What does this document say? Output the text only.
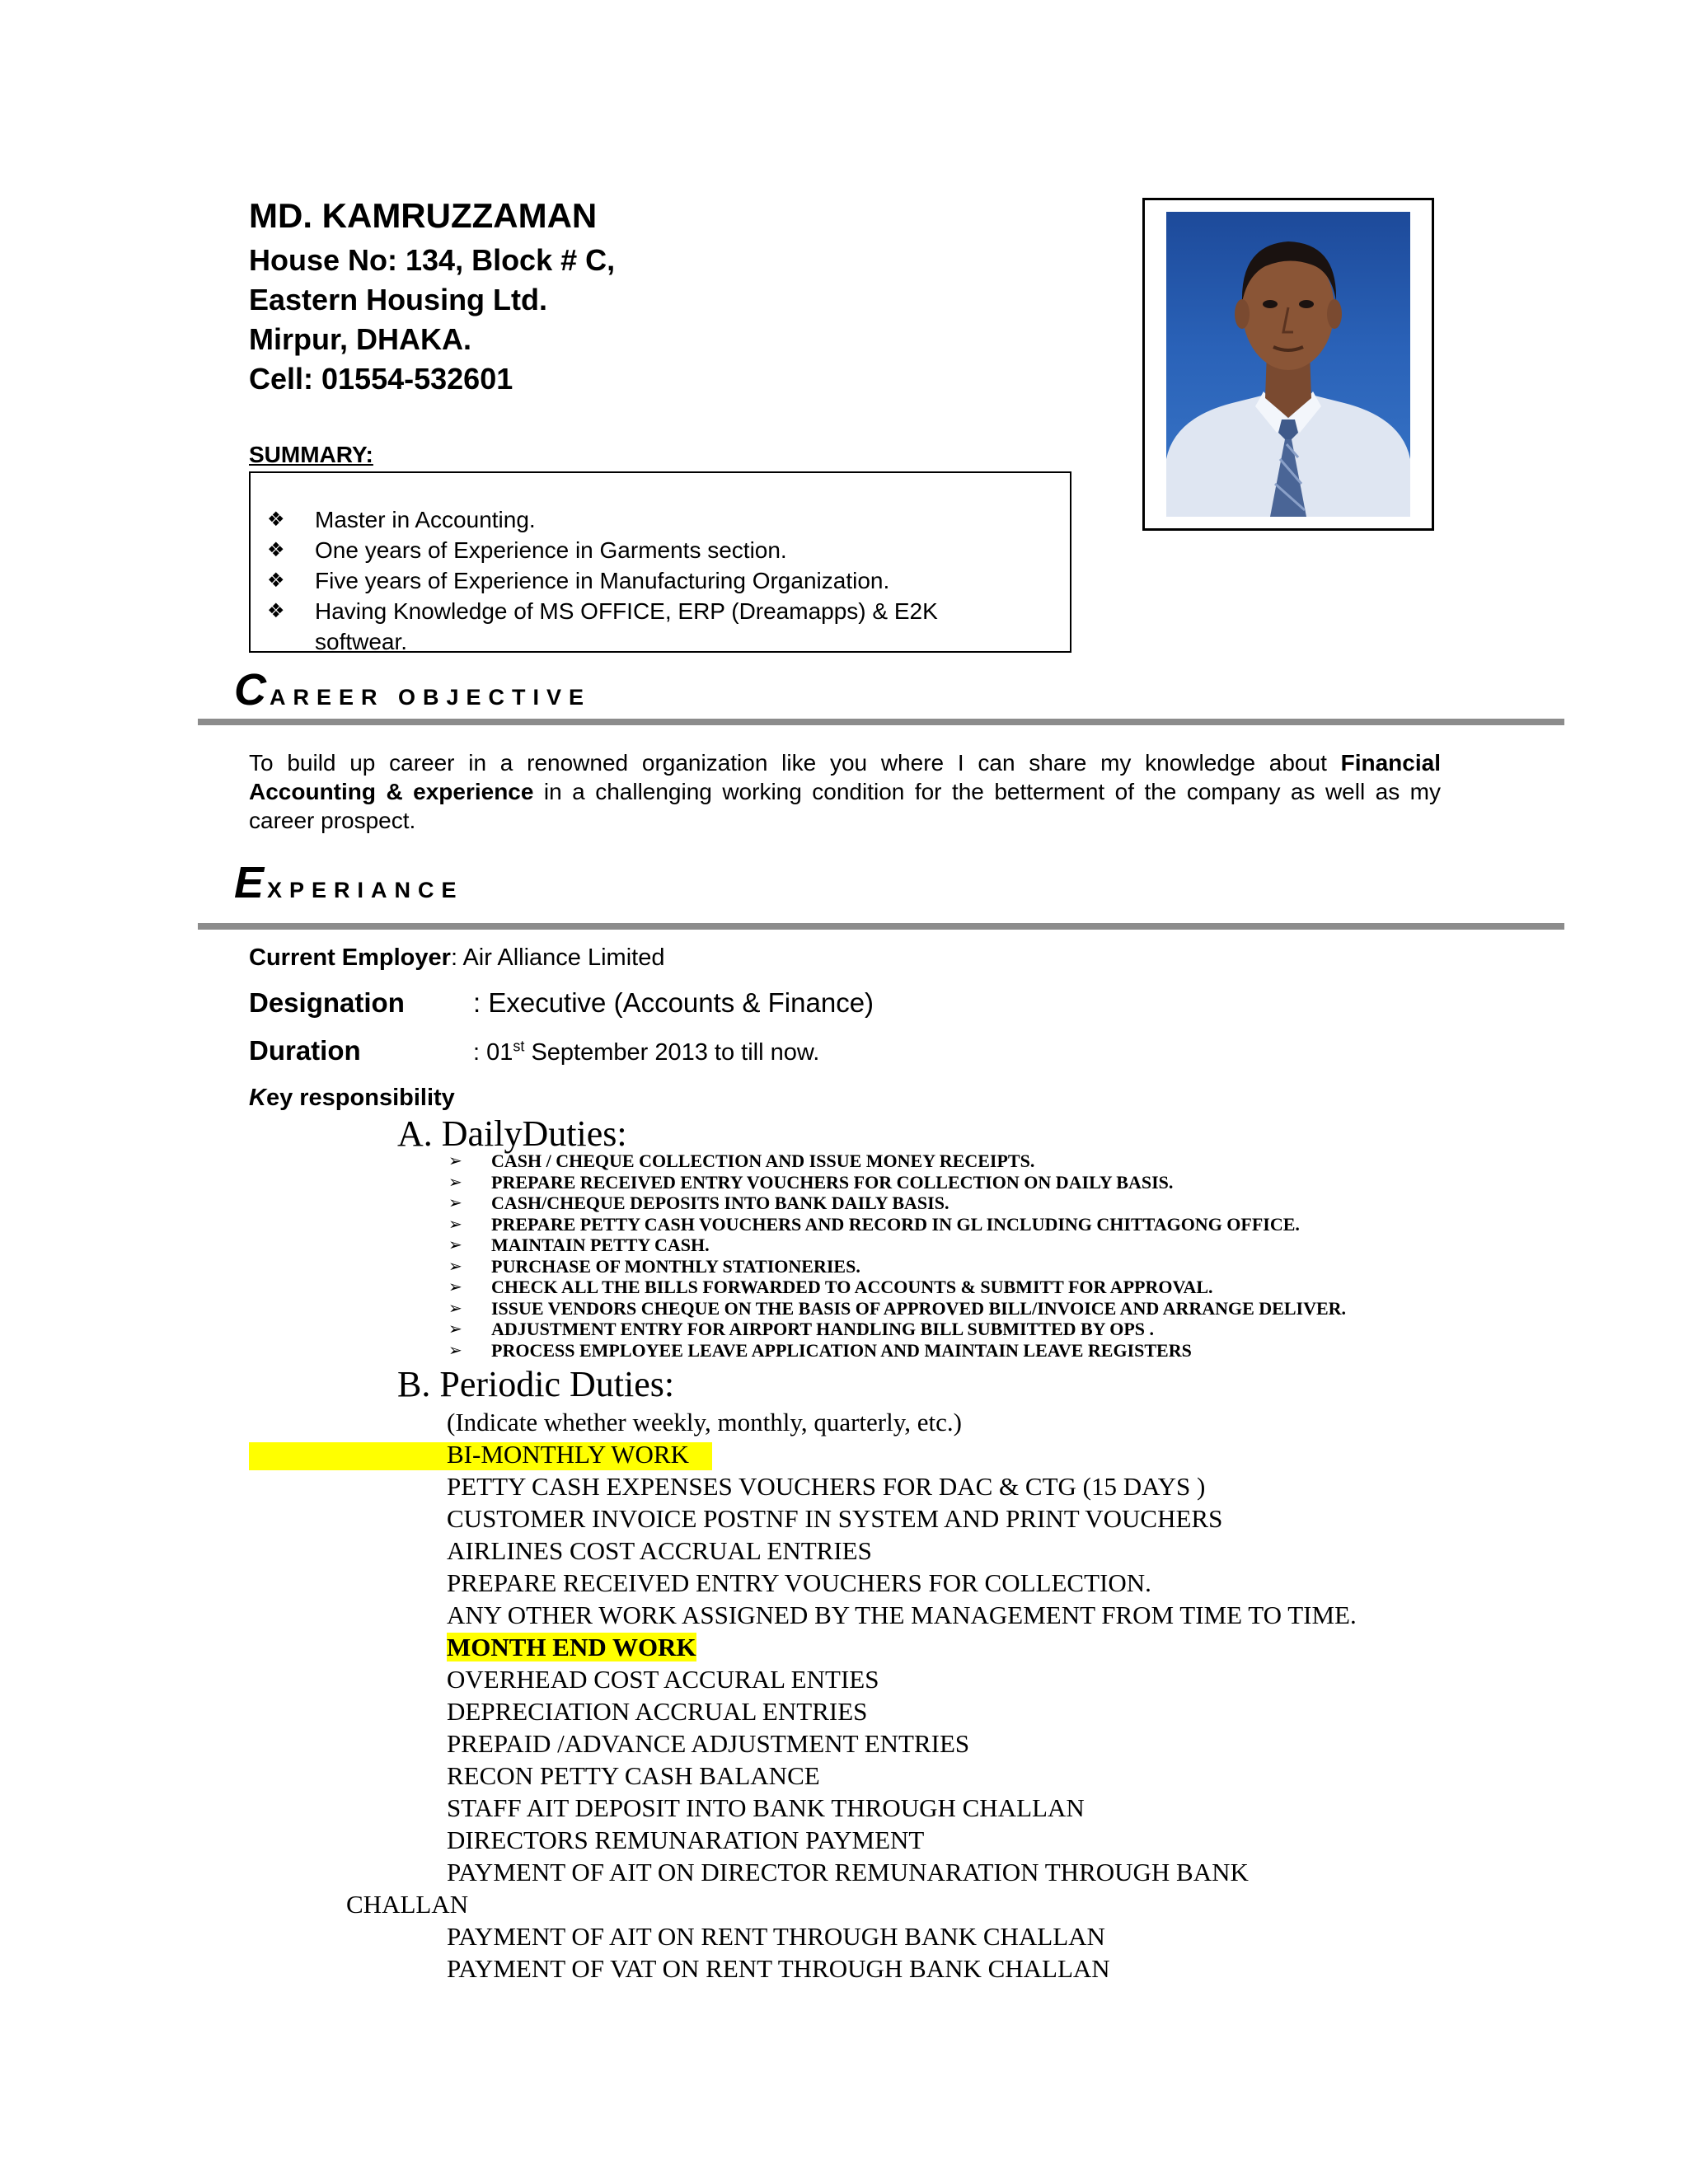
MD. KAMRUZZAMAN
House No: 134, Block # C,
Eastern Housing Ltd.
Mirpur, DHAKA.
Cell: 01554-532601
SUMMARY:
❖ Master in Accounting.
❖ One years of Experience in Garments section.
❖ Five years of Experience in Manufacturing Organization.
❖ Having Knowledge of MS OFFICE, ERP (Dreamapps) & E2K softwear.
CAREER OBJECTIVE
To build up career in a renowned organization like you where I can share my knowledge about Financial Accounting & experience in a challenging working condition for the betterment of the company as well as my career prospect.
EXPERIANCE
Current Employer: Air Alliance Limited
Designation	: Executive (Accounts & Finance)
Duration	: 01st September 2013 to till now.
Key responsibility
A. DailyDuties:
➢ CASH / CHEQUE COLLECTION AND ISSUE MONEY RECEIPTS.
➢ PREPARE RECEIVED ENTRY VOUCHERS FOR COLLECTION ON DAILY BASIS.
➢ CASH/CHEQUE DEPOSITS INTO BANK DAILY BASIS.
➢ PREPARE PETTY CASH VOUCHERS AND RECORD IN GL INCLUDING CHITTAGONG OFFICE.
➢ MAINTAIN PETTY CASH.
➢ PURCHASE OF MONTHLY STATIONERIES.
➢ CHECK ALL THE BILLS FORWARDED TO ACCOUNTS & SUBMITT FOR APPROVAL.
➢ ISSUE VENDORS CHEQUE ON THE BASIS OF APPROVED BILL/INVOICE AND ARRANGE DELIVER.
➢ ADJUSTMENT ENTRY FOR AIRPORT HANDLING BILL SUBMITTED BY OPS .
➢ PROCESS EMPLOYEE LEAVE APPLICATION AND MAINTAIN LEAVE REGISTERS
B. Periodic Duties:
(Indicate whether weekly, monthly, quarterly, etc.)
BI-MONTHLY WORK
PETTY CASH EXPENSES VOUCHERS FOR DAC & CTG (15 DAYS )
CUSTOMER INVOICE POSTNF IN SYSTEM AND PRINT VOUCHERS
AIRLINES COST ACCRUAL ENTRIES
PREPARE RECEIVED ENTRY VOUCHERS FOR COLLECTION.
ANY OTHER WORK ASSIGNED BY THE MANAGEMENT FROM TIME TO TIME.
MONTH END WORK
OVERHEAD COST ACCURAL ENTIES
DEPRECIATION ACCRUAL ENTRIES
PREPAID /ADVANCE ADJUSTMENT ENTRIES
RECON PETTY CASH BALANCE
STAFF AIT DEPOSIT INTO BANK THROUGH CHALLAN
DIRECTORS REMUNARATION PAYMENT
PAYMENT OF AIT ON DIRECTOR REMUNARATION THROUGH BANK
CHALLAN
PAYMENT OF AIT ON RENT THROUGH BANK CHALLAN
PAYMENT OF VAT ON RENT THROUGH BANK CHALLAN
